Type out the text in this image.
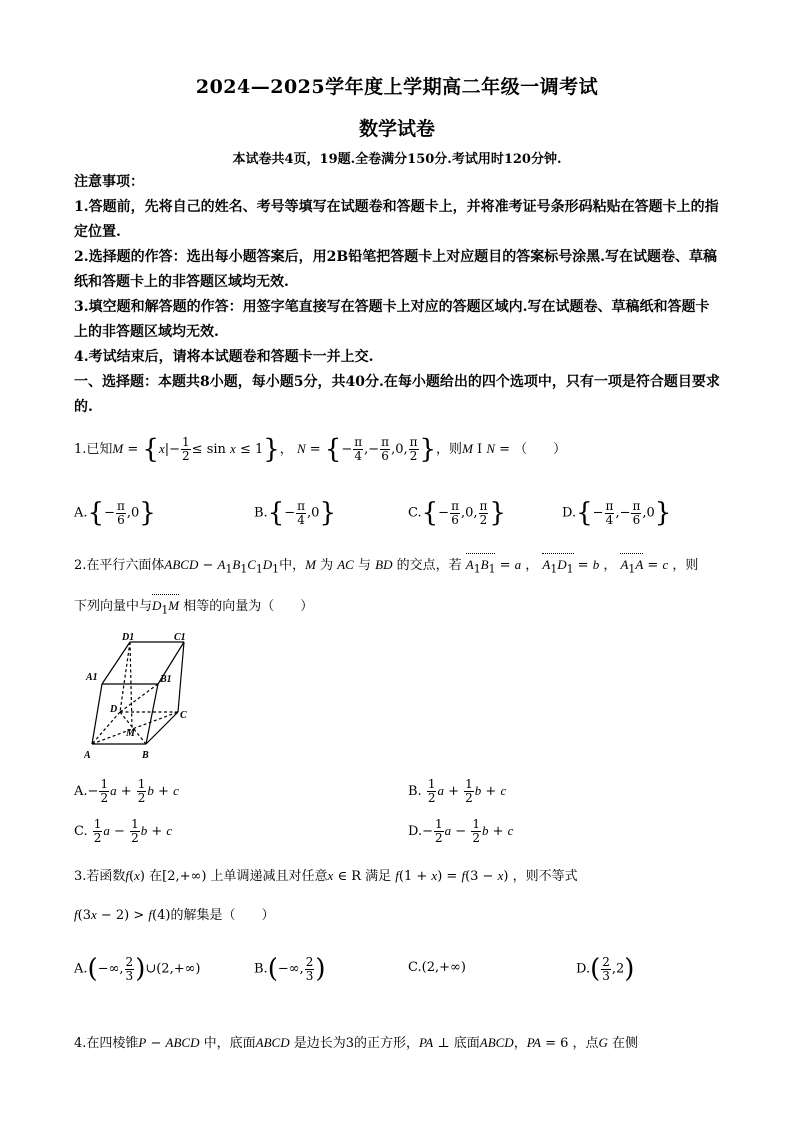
2024—2025学年度上学期高二年级一调考试
数学试卷
本试卷共4页，19题.全卷满分150分.考试用时120分钟.
注意事项：
1.答题前，先将自己的姓名、考号等填写在试题卷和答题卡上，并将准考证号条形码粘贴在答题卡上的指定位置.
2.选择题的作答：选出每小题答案后，用2B铅笔把答题卡上对应题目的答案标号涂黑.写在试题卷、草稿纸和答题卡上的非答题区域均无效.
3.填空题和解答题的作答：用签字笔直接写在答题卡上对应的答题区域内.写在试题卷、草稿纸和答题卡上的非答题区域均无效.
4.考试结束后，请将本试题卷和答题卡一并上交.
一、选择题：本题共8小题，每小题5分，共40分.在每小题给出的四个选项中，只有一项是符合题目要求的.
1.已知$M = \{x|- \frac{1}{2} \le \sin x \le 1\}$， N = {− $\frac{\pi}{4}$ ,− $\frac{\pi}{6} ,0$, $\frac{\pi}{2}$ }，则M I N = （　　）
$A.\{- \frac{\pi}{6} ,0\}$	$B.\{- \frac{\pi}{4} ,0\}$	$C.\{- \frac{\pi}{6} ,0$, $\frac{\pi}{2}$ }	$D.\{- \frac{\pi}{4}$ ,− $\frac{\pi}{6} ,0$}
2.在平行六面体ABCD − $A_1B_1C_1D_1$中，M 为 AC 与 BD 的交点，若 $A_1B_1 = a$ ， $A_1D_1 = b$ ， $A_1A = c$ ，则
下列向量中与$D_1M$ 相等的向量为（　　）
D1	C1
A1	B1
D
C
A	B
M
$A.- \frac{1}{2}$ $a + \frac{1}{2}$ b + c	B. $\frac{1}{2}$ $a + \frac{1}{2}$ b + c
C. $\frac{1}{2}$ $a - \frac{1}{2}$ b + c	$D.- \frac{1}{2}$ $a - \frac{1}{2}$ b + c
3.若函数f(x) 在[2,+∞) 上单调递减且对任意x ∈ R 满足 f(1 + x) = f(3 − x) ，则不等式
f(3x − 2) > f(4)的解集是（　　）
A.(−∞, $\frac{2}{3}$ )∪(2,+∞)	B.(−∞, $\frac{2}{3}$ )	C.(2,+∞)	$D.( \frac{2}{3} ,2)$
4.在四棱锥P − ABCD 中，底面ABCD 是边长为3的正方形，PA ⊥ 底面ABCD，PA = 6 ，点G 在侧
